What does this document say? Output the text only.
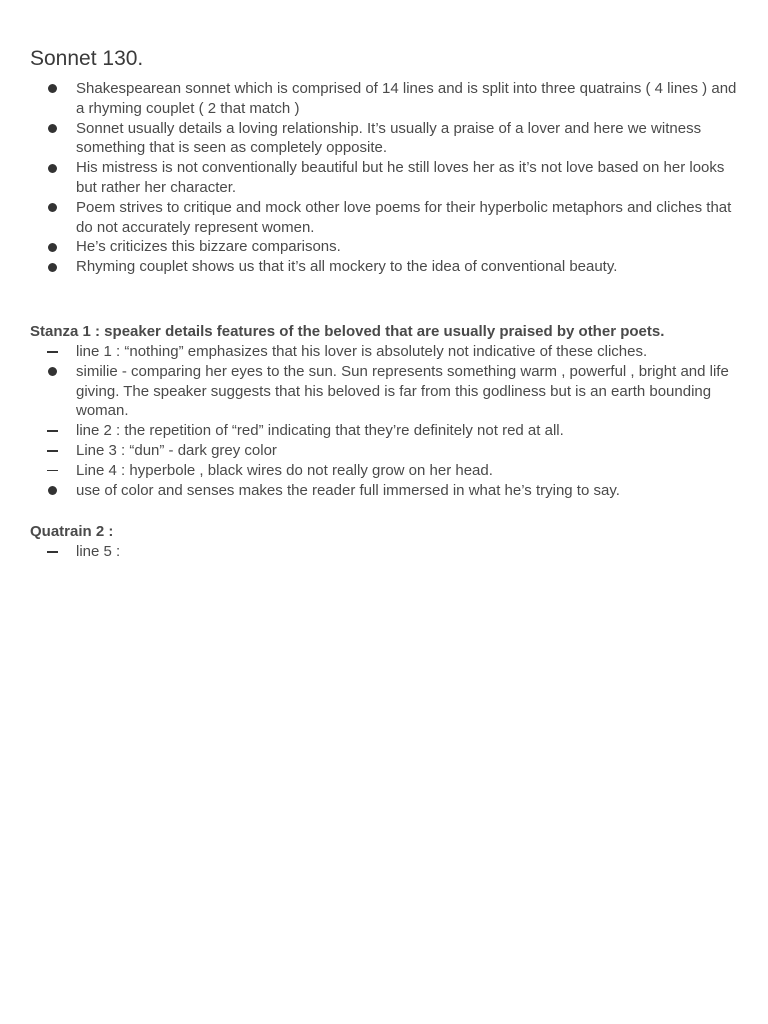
Sonnet 130.
Shakespearean sonnet which is comprised of 14 lines and is split into three quatrains ( 4 lines ) and a rhyming couplet ( 2 that match )
Sonnet usually details a loving relationship. It’s usually a praise of a lover and here we witness something that is seen as completely opposite.
His mistress is not conventionally beautiful but he still loves her as it’s not love based on her looks but rather her character.
Poem strives to critique and mock other love poems for their hyperbolic metaphors and cliches that do not accurately represent women.
He’s criticizes this bizzare comparisons.
Rhyming couplet shows us that it’s all mockery to the idea of conventional beauty.
Stanza 1 : speaker details features of the beloved that are usually praised by other poets.
line 1 : “nothing” emphasizes that his lover is absolutely not indicative of these cliches.
similie - comparing her eyes to the sun. Sun represents something warm , powerful , bright and life giving. The speaker suggests that his beloved is far from this godliness but is an earth bounding woman.
line 2 : the repetition of “red” indicating that they’re definitely not red at all.
Line 3 : “dun” - dark grey color
Line 4 : hyperbole , black wires do not really grow on her head.
use of color and senses makes the reader full immersed in what he’s trying to say.
Quatrain 2 :
line 5 :
